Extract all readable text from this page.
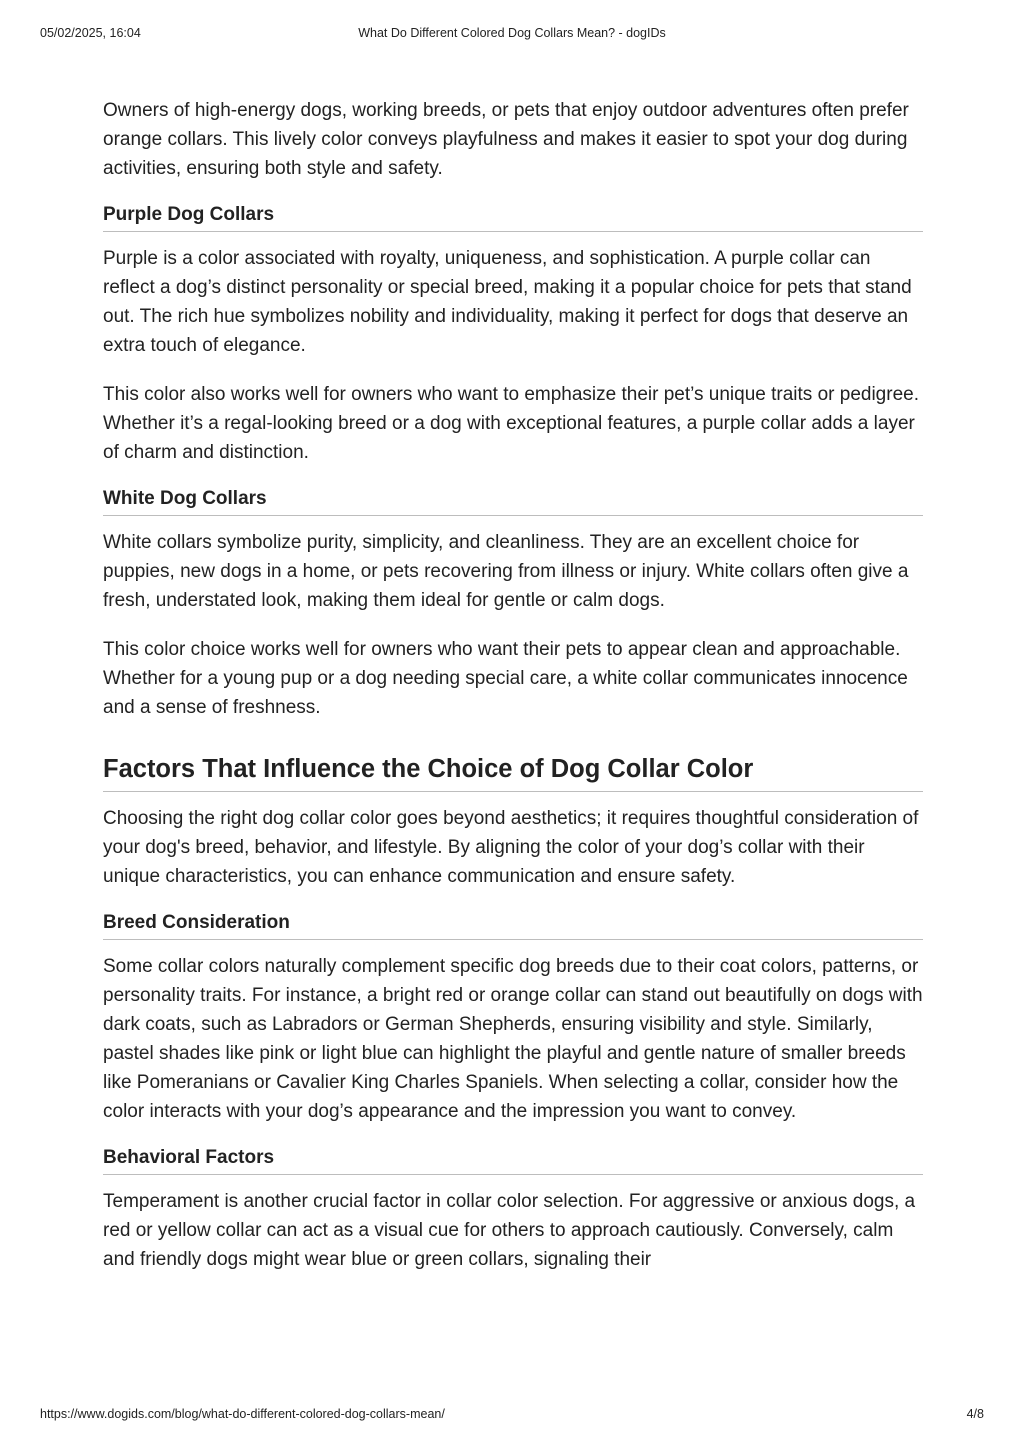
05/02/2025, 16:04	What Do Different Colored Dog Collars Mean? - dogIDs

Owners of high-energy dogs, working breeds, or pets that enjoy outdoor adventures often prefer orange collars. This lively color conveys playfulness and makes it easier to spot your dog during activities, ensuring both style and safety.

Purple Dog Collars

Purple is a color associated with royalty, uniqueness, and sophistication. A purple collar can reflect a dog’s distinct personality or special breed, making it a popular choice for pets that stand out. The rich hue symbolizes nobility and individuality, making it perfect for dogs that deserve an extra touch of elegance.

This color also works well for owners who want to emphasize their pet’s unique traits or pedigree. Whether it’s a regal-looking breed or a dog with exceptional features, a purple collar adds a layer of charm and distinction.

White Dog Collars

White collars symbolize purity, simplicity, and cleanliness. They are an excellent choice for puppies, new dogs in a home, or pets recovering from illness or injury. White collars often give a fresh, understated look, making them ideal for gentle or calm dogs.

This color choice works well for owners who want their pets to appear clean and approachable. Whether for a young pup or a dog needing special care, a white collar communicates innocence and a sense of freshness.

Factors That Influence the Choice of Dog Collar Color

Choosing the right dog collar color goes beyond aesthetics; it requires thoughtful consideration of your dog's breed, behavior, and lifestyle. By aligning the color of your dog’s collar with their unique characteristics, you can enhance communication and ensure safety.

Breed Consideration

Some collar colors naturally complement specific dog breeds due to their coat colors, patterns, or personality traits. For instance, a bright red or orange collar can stand out beautifully on dogs with dark coats, such as Labradors or German Shepherds, ensuring visibility and style. Similarly, pastel shades like pink or light blue can highlight the playful and gentle nature of smaller breeds like Pomeranians or Cavalier King Charles Spaniels. When selecting a collar, consider how the color interacts with your dog’s appearance and the impression you want to convey.

Behavioral Factors

Temperament is another crucial factor in collar color selection. For aggressive or anxious dogs, a red or yellow collar can act as a visual cue for others to approach cautiously. Conversely, calm and friendly dogs might wear blue or green collars, signaling their

https://www.dogids.com/blog/what-do-different-colored-dog-collars-mean/	4/8
